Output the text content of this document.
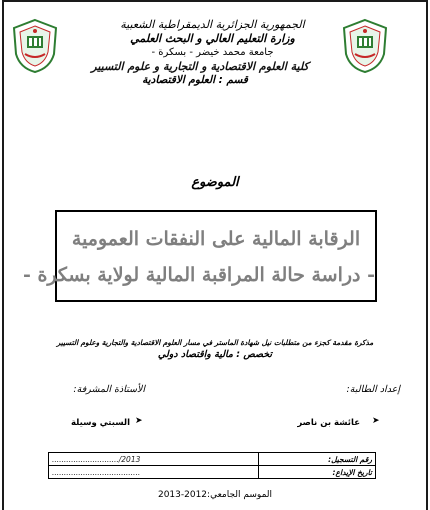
الجمهورية الجزائرية الديمقراطية الشعبية
وزارة التعليم العالي و البحث العلمي
جامعة محمد خيضر - بسكرة -
كلية العلوم الاقتصادية و التجارية و علوم التسيير
قسم : العلوم الاقتصادية
الموضوع
الرقابة المالية على النفقات العمومية
- دراسة حالة المراقبة المالية لولاية بسكرة -
مذكرة مقدمة كجزء من متطلبات نيل شهادة الماستر في مسار العلوم الاقتصادية والتجارية وعلوم التسيير
تخصص : مالية واقتصاد دولي
إعداد الطالبة:
الأستاذة المشرفة:
➤
➤	عائشة بن ناصر
السبتي وسيلة
............................/2013	رقم التسجيل:
.....................................	تاريخ الإيداع:
الموسم الجامعي:2012-2013
